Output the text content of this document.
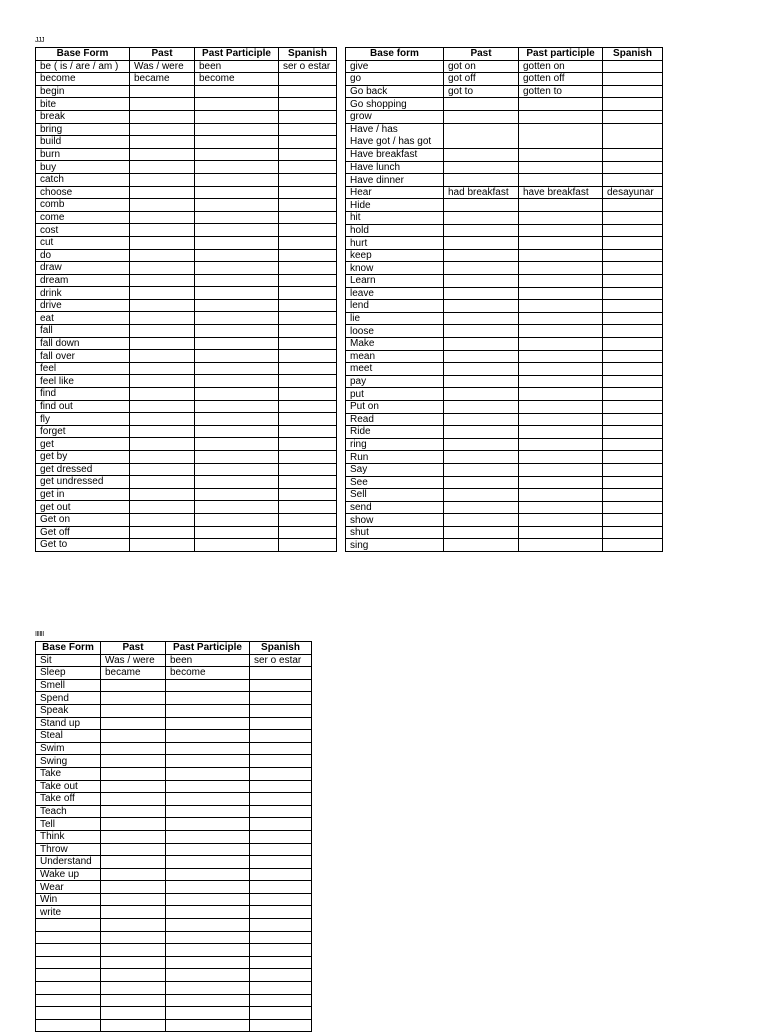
JJJ
Base Form	Past	Past Participle	Spanish
be ( is / are / am )	Was / were	been	ser o estar
become	became	become	
begin			
bite			
break			
bring			
build			
burn			
buy			
catch			
choose			
comb			
come			
cost			
cut			
do			
draw			
dream			
drink			
drive			
eat			
fall			
fall down			
fall over			
feel			
feel like			
find			
find out			
fly			
forget			
get			
get by			
get dressed			
get undressed			
get in			
get out			
Get on			
Get off			
Get to			
Base form	Past	Past participle	Spanish
give	got on	gotten on	
go	got off	gotten off	
Go back	got to	gotten to	
Go shopping			
grow			
Have / has
Have got / has got			
Have breakfast			
Have lunch			
Have dinner			
Hear	had breakfast	have breakfast	desayunar
Hide			
hit			
hold			
hurt			
keep			
know			
Learn			
leave			
lend			
lie			
loose			
Make			
mean			
meet			
pay			
put			
Put on			
Read			
Ride			
ring			
Run			
Say			
See			
Sell			
send			
show			
shut			
sing			
IIIIII
Base Form	Past	Past Participle	Spanish
Sit	Was / were	been	ser o estar
Sleep	became	become	
Smell			
Spend			
Speak			
Stand up			
Steal			
Swim			
Swing			
Take			
Take out			
Take off			
Teach			
Tell			
Think			
Throw			
Understand			
Wake up			
Wear			
Win			
write			
